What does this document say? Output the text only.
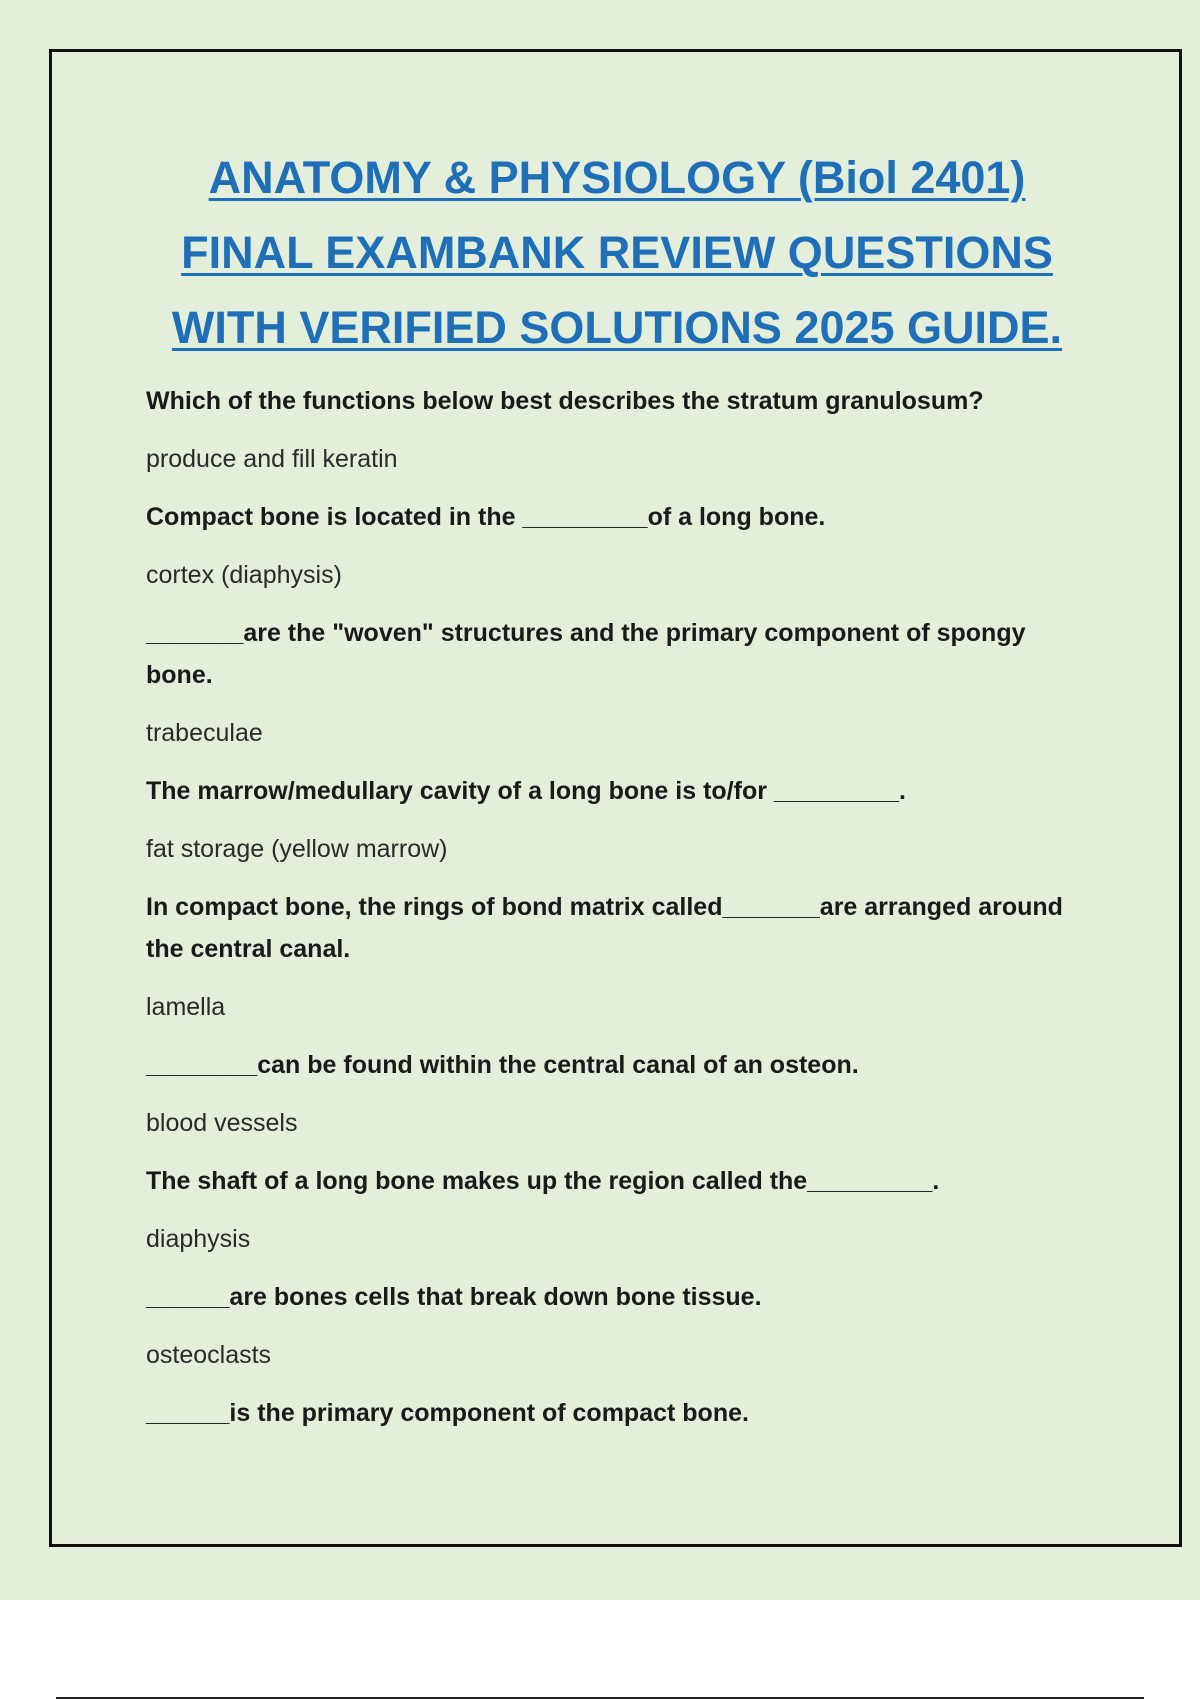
ANATOMY & PHYSIOLOGY (Biol 2401)
FINAL EXAMBANK REVIEW QUESTIONS
WITH VERIFIED SOLUTIONS 2025 GUIDE.

Which of the functions below best describes the stratum granulosum?

produce and fill keratin

Compact bone is located in the _________of a long bone.

cortex (diaphysis)

_______are the "woven" structures and the primary component of spongy bone.

trabeculae

The marrow/medullary cavity of a long bone is to/for _________.

fat storage (yellow marrow)

In compact bone, the rings of bond matrix called_______are arranged around the central canal.

lamella

________can be found within the central canal of an osteon.

blood vessels

The shaft of a long bone makes up the region called the_________.

diaphysis

______are bones cells that break down bone tissue.

osteoclasts

______is the primary component of compact bone.
